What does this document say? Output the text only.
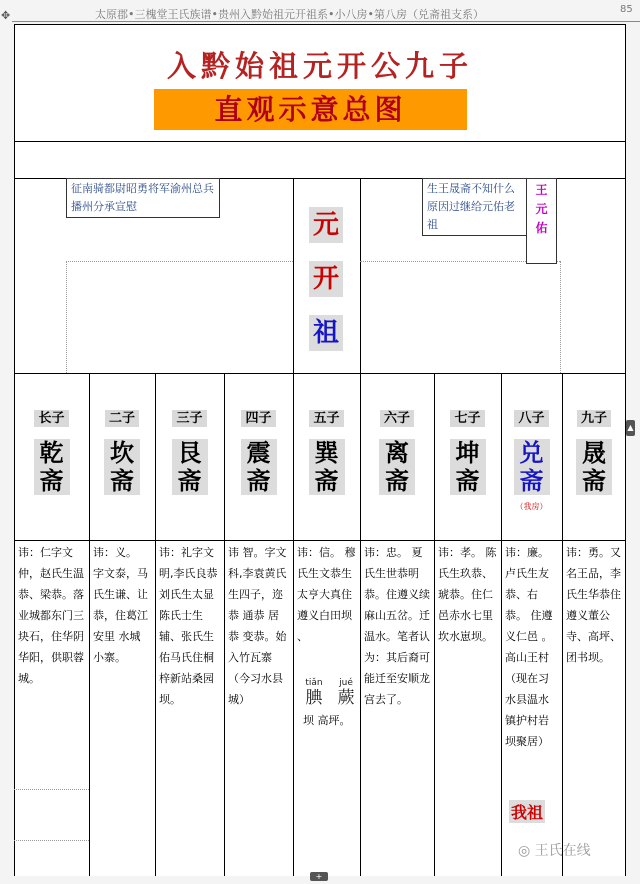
✥	太原郡•三槐堂王氏族谱•贵州入黔始祖元开祖系•小八房•第八房（兑斋祖支系）	85
入黔始祖元开公九子
直观示意总图
征南骑都尉昭勇将军渝州总兵播州分承宣慰
生王晟斋不知什么原因过继给元佑老祖
王
元
佑
元
开
祖
长子
乾
斋
二子
坎
斋
三子
艮
斋
四子
震
斋
五子
巽
斋
六子
离
斋
七子
坤
斋
八子
兑
斋
（我房）
九子
晟
斋
讳：仁字文仲，赵氏生温恭、梁恭。落业城都东门三块石，住华阴华阳，供职蓉城。
讳：义。 字文泰，马氏生谦、让恭，住葛江安里 水城小寨。
讳：礼字文明,李氏良恭刘氏生太显陈氏士生辅、张氏生佑马氏住桐梓新站桑园坝。
讳 智。字文科,李袁黄氏生四子，迩恭 通恭 居恭 变恭。始入竹瓦寨（今习水县城）
讳：信。 穆氏生文恭生太亨大真住遵义白田坝 、
讳：忠。 夏氏生世恭明恭。住遵义续麻山五岔。迁温水。笔者认为：其后裔可能迁至安顺龙宫去了。
讳：孝。 陈氏生玖恭、琥恭。住仁邑赤水七里坎水崽坝。
讳：廉。 卢氏生友恭、右恭。 住遵义仁邑 。高山王村（现在习水县温水镇护村岩坝聚居）
讳：勇。又名王品，李氏生华恭住遵义董公寺、高坪、团书坝。
tiǎn
腆
jué
蕨
坝 高坪。
我祖
◎ 王氏在线
▲
+
